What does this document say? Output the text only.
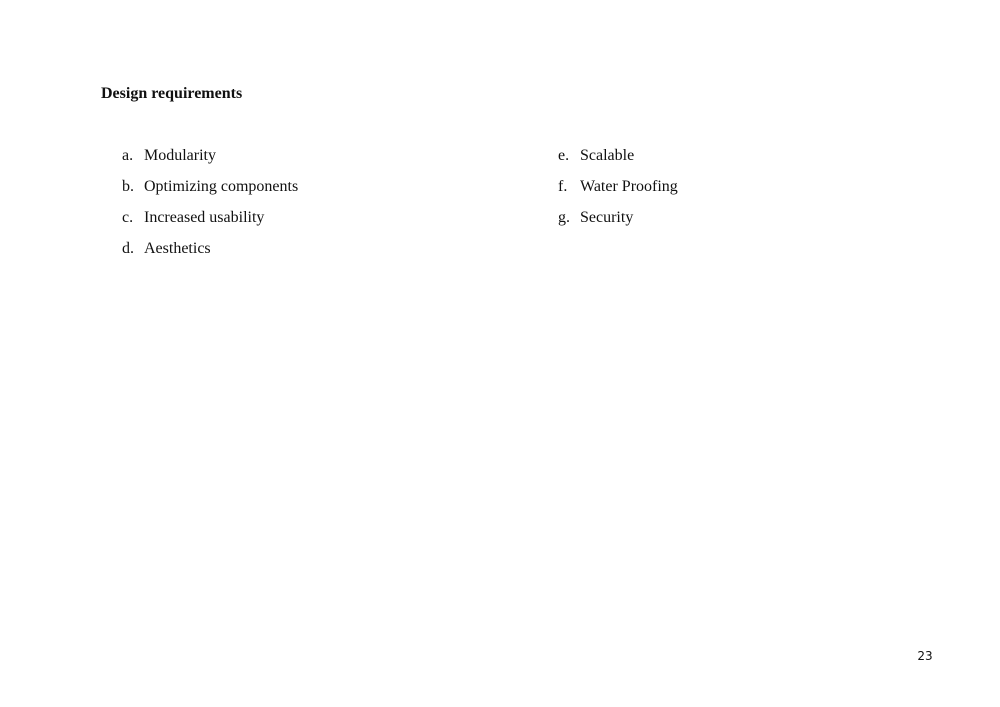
Design requirements
a. Modularity
b. Optimizing components
c. Increased usability
d. Aesthetics
e. Scalable
f. Water Proofing
g. Security
23
